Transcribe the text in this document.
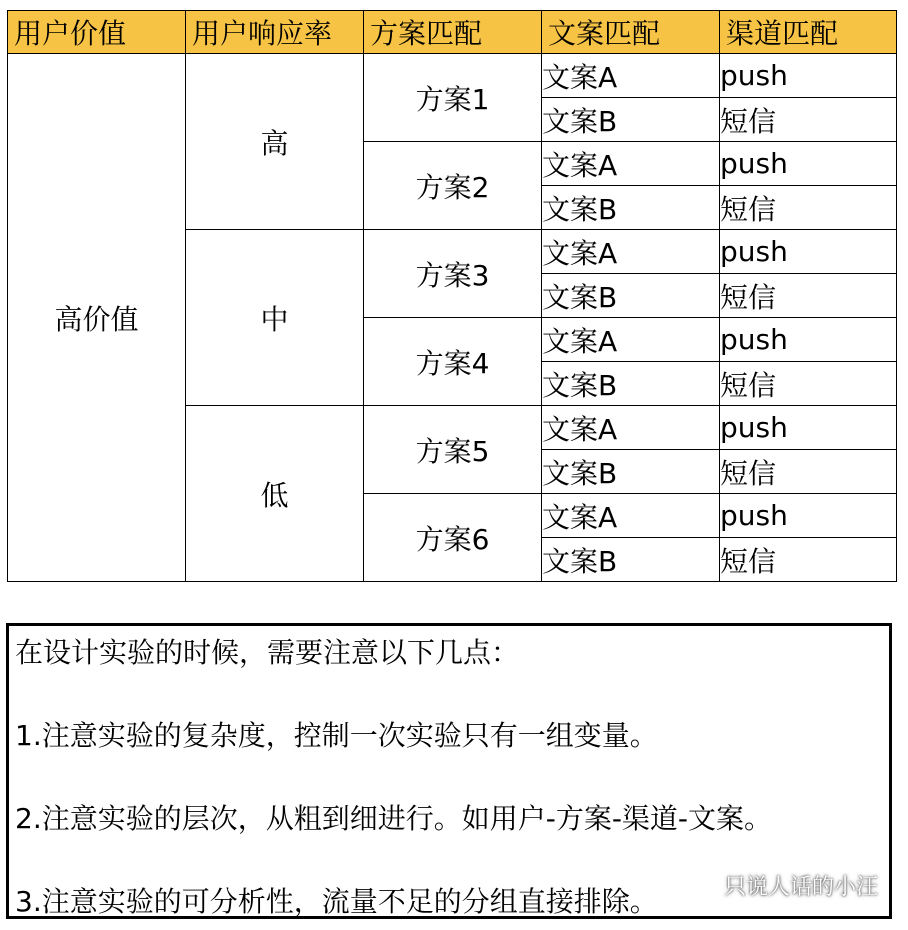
用户价值	用户响应率	方案匹配	文案匹配	渠道匹配
高价值	高	方案1	文案A	push
			文案B	短信
		方案2	文案A	push
			文案B	短信
	中	方案3	文案A	push
			文案B	短信
		方案4	文案A	push
			文案B	短信
	低	方案5	文案A	push
			文案B	短信
		方案6	文案A	push
			文案B	短信

在设计实验的时候，需要注意以下几点：

1.注意实验的复杂度，控制一次实验只有一组变量。

2.注意实验的层次，从粗到细进行。如用户-方案-渠道-文案。

3.注意实验的可分析性，流量不足的分组直接排除。	只说人话的小汪
